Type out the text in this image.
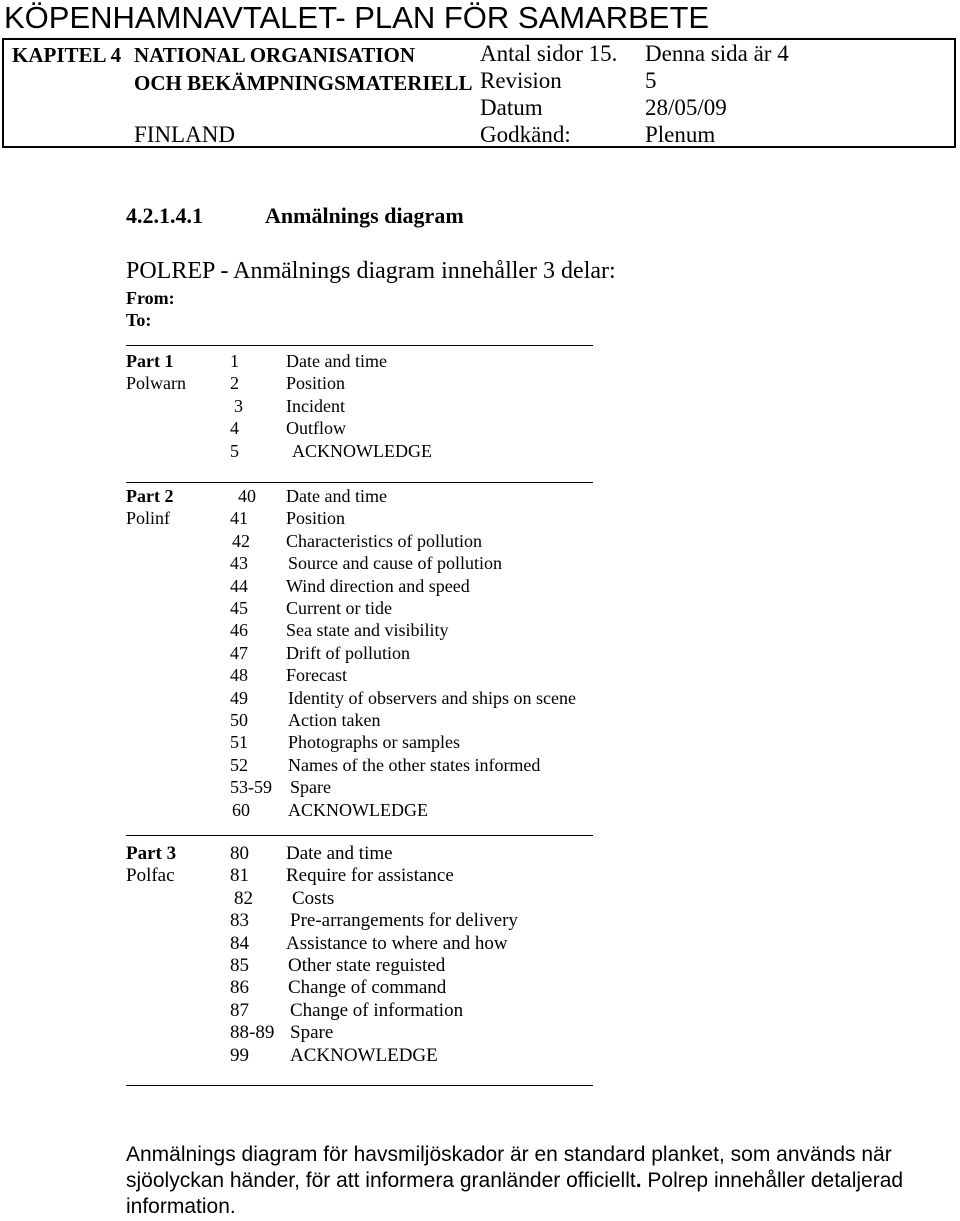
KÖPENHAMNAVTALET- PLAN FÖR SAMARBETE
KAPITEL 4 NATIONAL ORGANISATION
OCH BEKÄMPNINGSMATERIELL
FINLAND
Antal sidor 15. Denna sida är 4
Revision	5
Datum	28/05/09
Godkänd:	Plenum
4.2.1.4.1	Anmälnings diagram
POLREP - Anmälnings diagram innehåller 3 delar:
From:
To:
Part 1	1	Date and time
Polwarn 2	Position
3 Incident
4	Outflow
5	ACKNOWLEDGE
Part 2	40 Date and time
Polinf	41 Position
42 Characteristics of pollution
43 Source and cause of pollution
44 Wind direction and speed
45 Current or tide
46 Sea state and visibility
47 Drift of pollution
48 Forecast
49 Identity of observers and ships on scene
50 Action taken
51 Photographs or samples
52 Names of the other states informed
53-59 Spare
60 ACKNOWLEDGE
Part 3	80 Date and time
Polfac	81 Require for assistance
82 Costs
83 Pre-arrangements for delivery
84 Assistance to where and how
85 Other state reguisted
86 Change of command
87 Change of information
88-89 Spare
99 ACKNOWLEDGE
Anmälnings diagram för havsmiljöskador är en standard planket, som används när sjöolyckan händer, för att informera granländer officiellt. Polrep innehåller detaljerad information.
